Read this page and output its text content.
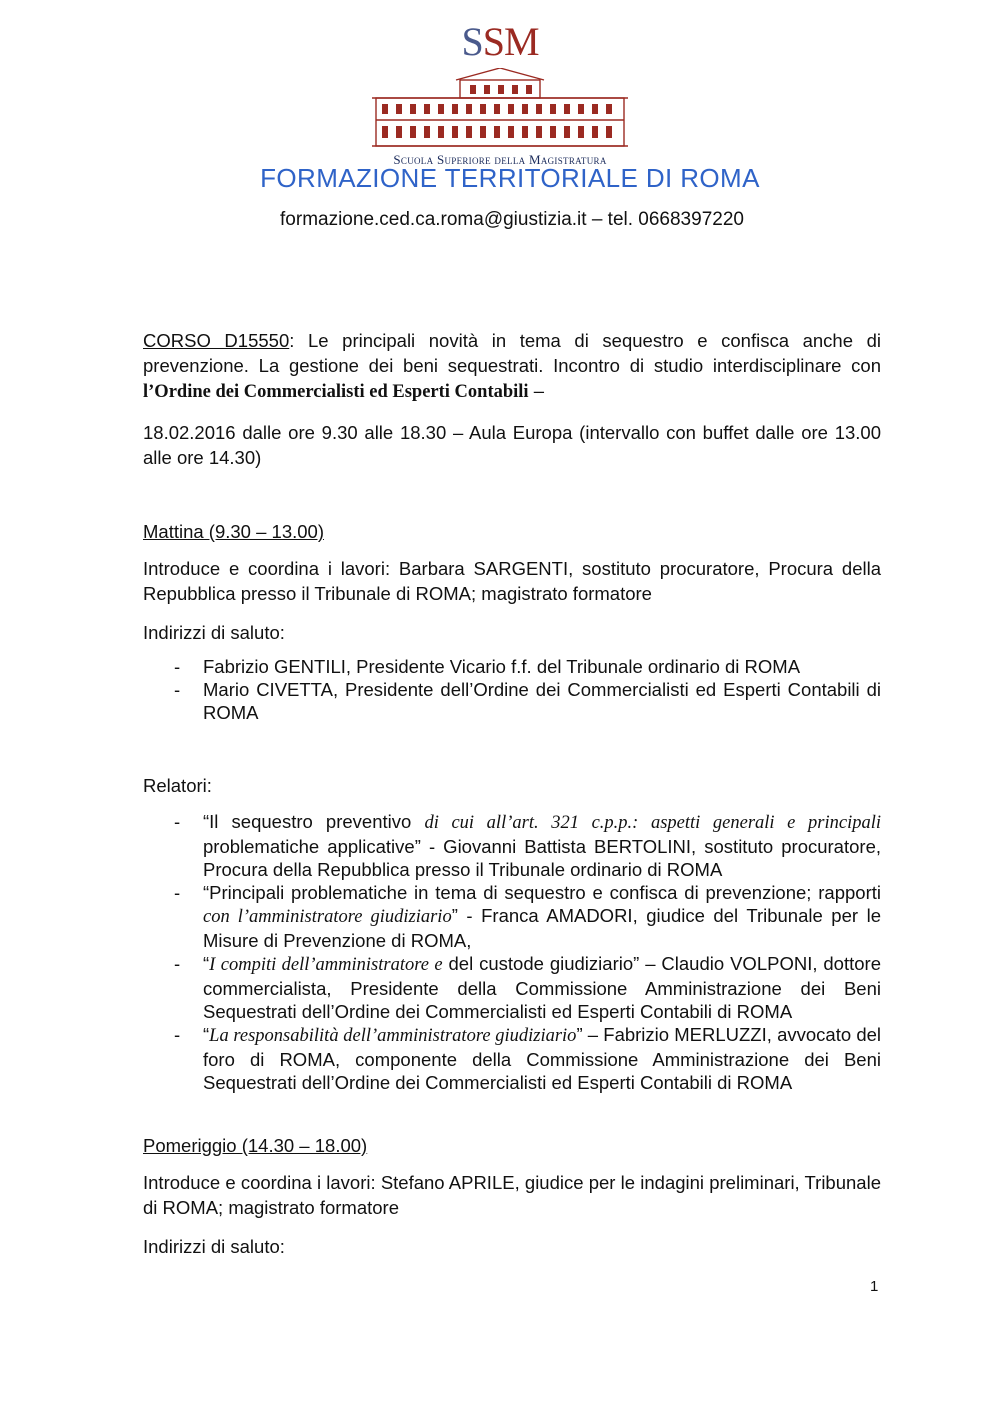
SSM
Scuola Superiore della Magistratura
FORMAZIONE TERRITORIALE DI ROMA
formazione.ced.ca.roma@giustizia.it – tel. 0668397220
CORSO D15550: Le principali novità in tema di sequestro e confisca anche di prevenzione. La gestione dei beni sequestrati. Incontro di studio interdisciplinare con l’Ordine dei Commercialisti ed Esperti Contabili –
18.02.2016 dalle ore 9.30 alle 18.30 – Aula Europa (intervallo con buffet dalle ore 13.00 alle ore 14.30)
Mattina (9.30 – 13.00)
Introduce e coordina i lavori: Barbara SARGENTI, sostituto procuratore, Procura della Repubblica presso il Tribunale di ROMA; magistrato formatore
Indirizzi di saluto:
- Fabrizio GENTILI, Presidente Vicario f.f. del Tribunale ordinario di ROMA
- Mario CIVETTA, Presidente dell’Ordine dei Commercialisti ed Esperti Contabili di ROMA
Relatori:
- “Il sequestro preventivo di cui all’art. 321 c.p.p.: aspetti generali e principali problematiche applicative” - Giovanni Battista BERTOLINI, sostituto procuratore, Procura della Repubblica presso il Tribunale ordinario di ROMA
- “Principali problematiche in tema di sequestro e confisca di prevenzione; rapporti con l’amministratore giudiziario” - Franca AMADORI, giudice del Tribunale per le Misure di Prevenzione di ROMA,
- “I compiti dell’amministratore e del custode giudiziario” – Claudio VOLPONI, dottore commercialista, Presidente della Commissione Amministrazione dei Beni Sequestrati dell’Ordine dei Commercialisti ed Esperti Contabili di ROMA
- “La responsabilità dell’amministratore giudiziario” – Fabrizio MERLUZZI, avvocato del foro di ROMA, componente della Commissione Amministrazione dei Beni Sequestrati dell’Ordine dei Commercialisti ed Esperti Contabili di ROMA
Pomeriggio (14.30 – 18.00)
Introduce e coordina i lavori: Stefano APRILE, giudice per le indagini preliminari, Tribunale di ROMA; magistrato formatore
Indirizzi di saluto:
1
